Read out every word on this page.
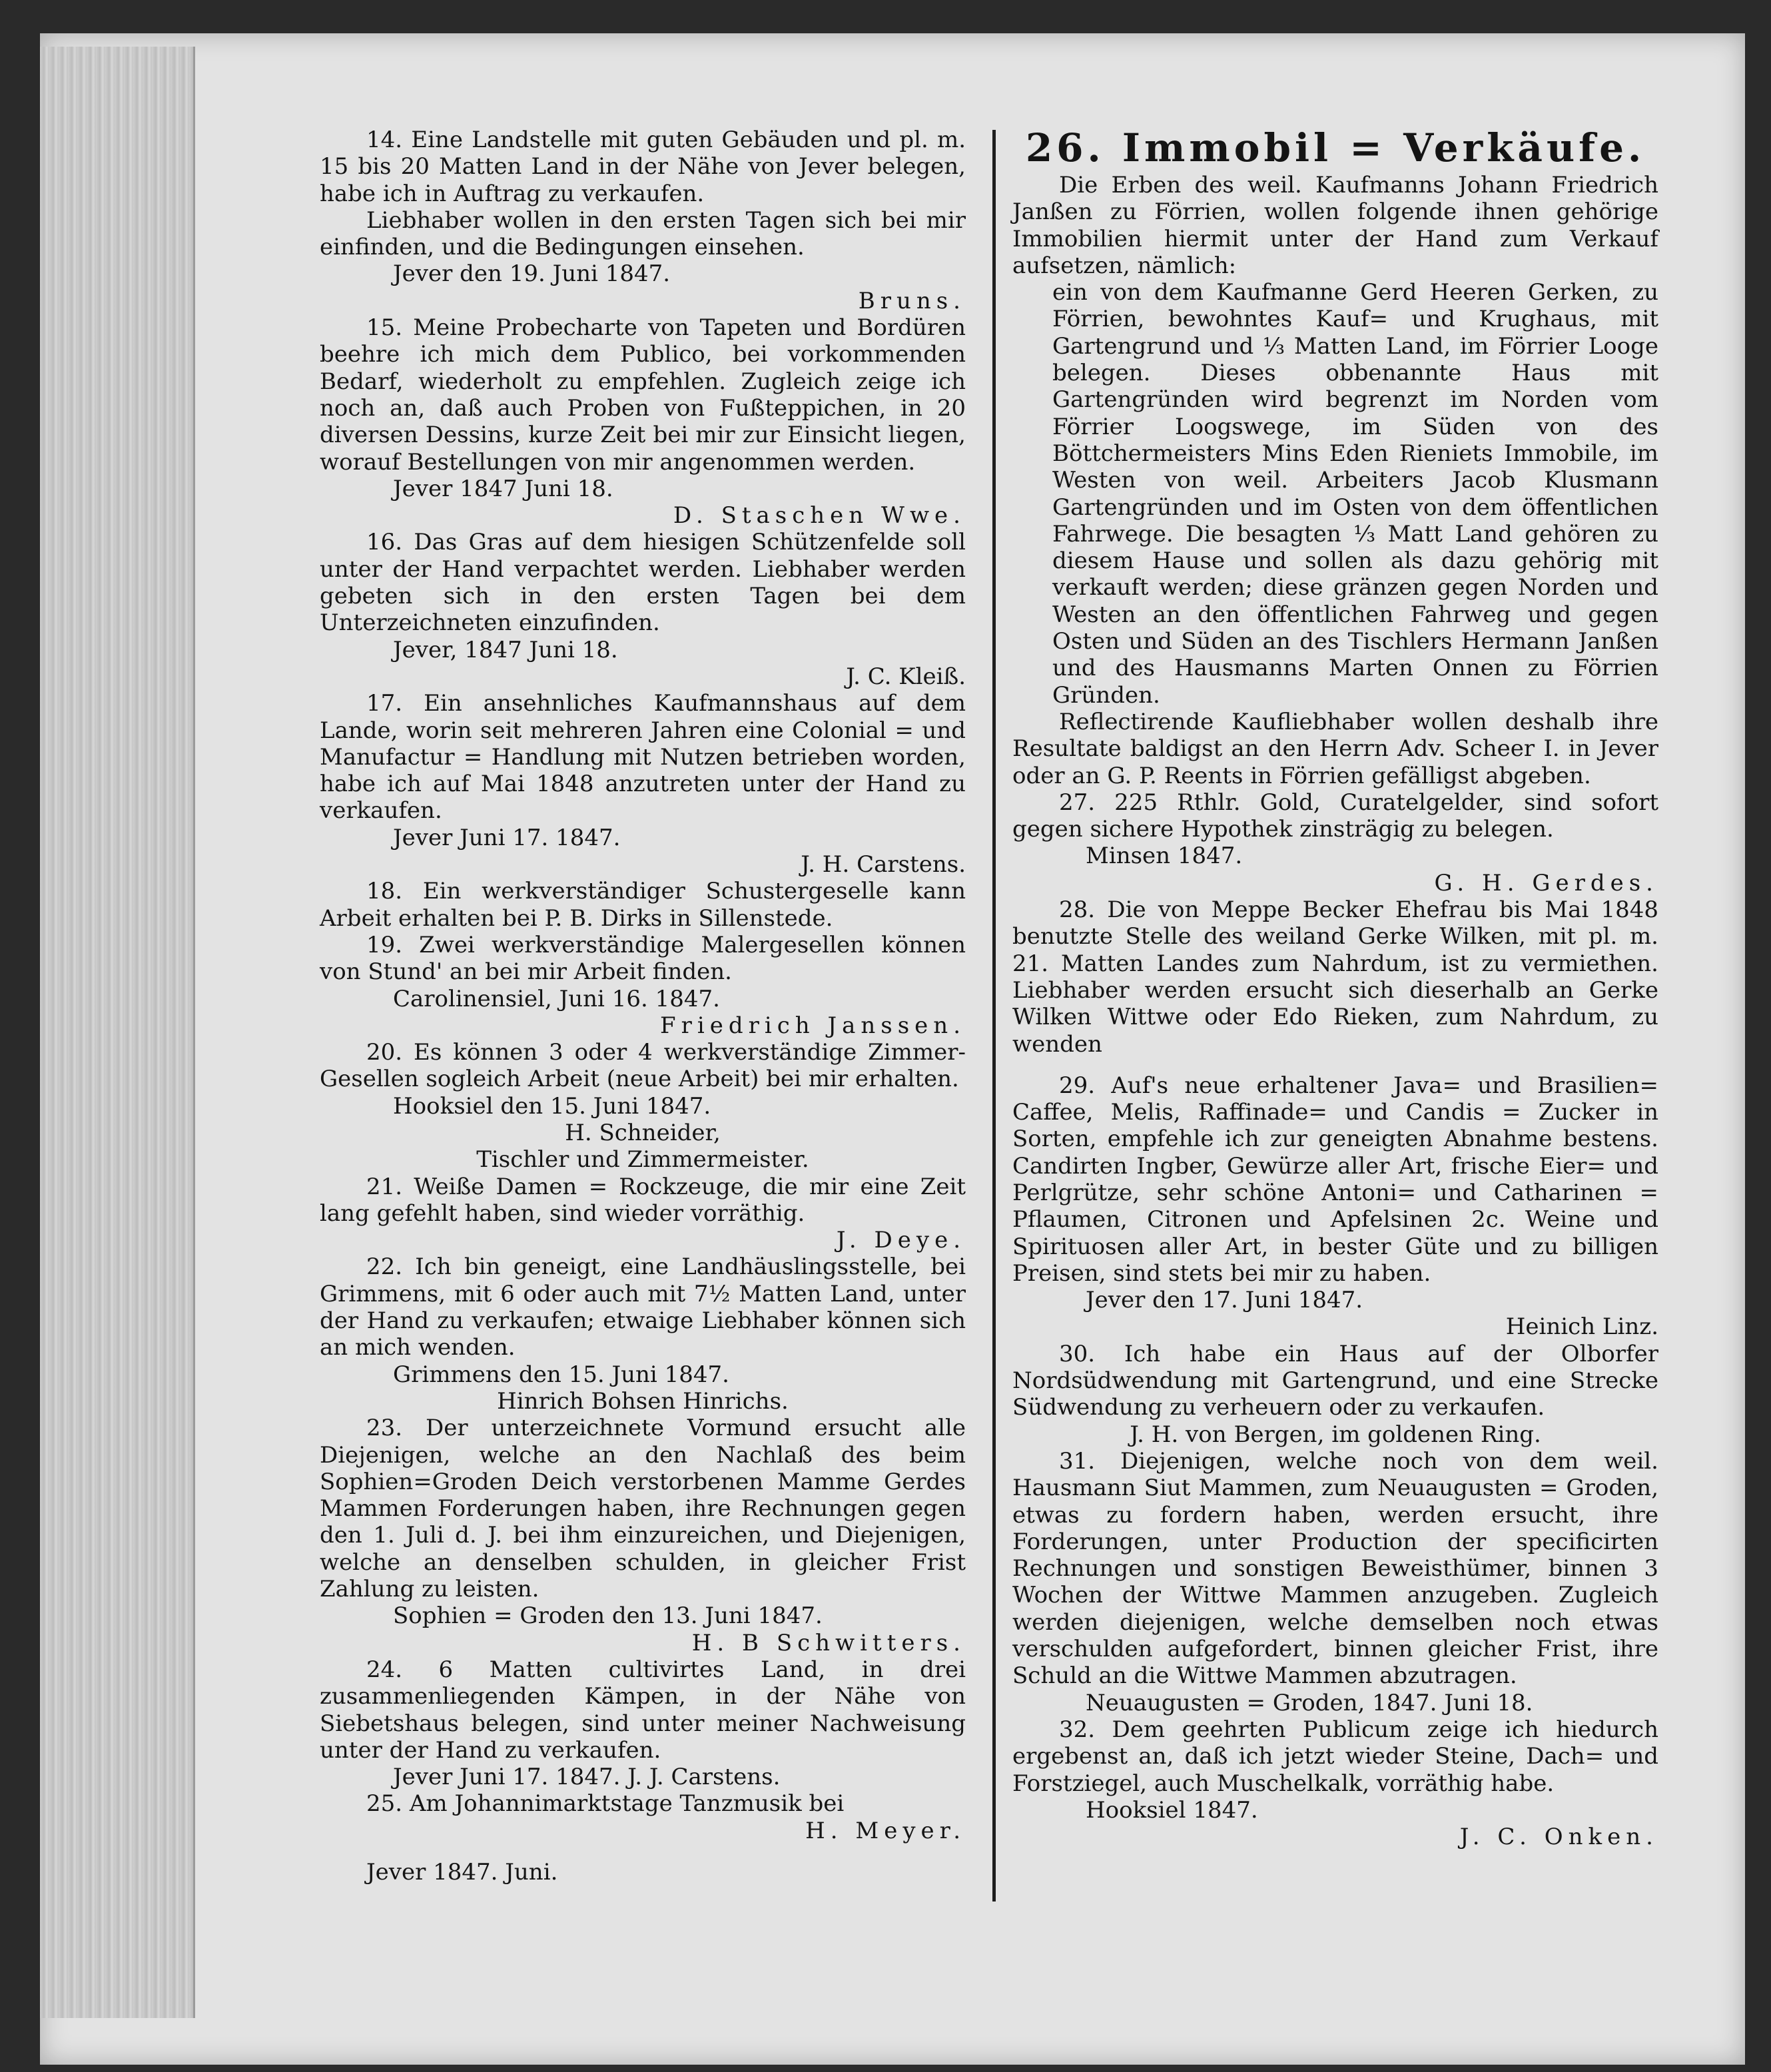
14. Eine Landstelle mit guten Gebäuden und pl. m. 15 bis 20 Matten Land in der Nähe von Jever belegen, habe ich in Auftrag zu verkaufen.

Liebhaber wollen in den ersten Tagen sich bei mir einfinden, und die Bedingungen einsehen.

Jever den 19. Juni 1847.

Bruns.

15. Meine Probecharte von Tapeten und Bordüren beehre ich mich dem Publico, bei vorkommenden Bedarf, wiederholt zu empfehlen. Zugleich zeige ich noch an, daß auch Proben von Fußteppichen, in 20 diversen Dessins, kurze Zeit bei mir zur Einsicht liegen, worauf Bestellungen von mir angenommen werden.

Jever 1847 Juni 18.

D. Staschen Wwe.

16. Das Gras auf dem hiesigen Schützenfelde soll unter der Hand verpachtet werden. Liebhaber werden gebeten sich in den ersten Tagen bei dem Unterzeichneten einzufinden.

Jever, 1847 Juni 18.

J. C. Kleiß.

17. Ein ansehnliches Kaufmannshaus auf dem Lande, worin seit mehreren Jahren eine Colonial = und Manufactur = Handlung mit Nutzen betrieben worden, habe ich auf Mai 1848 anzutreten unter der Hand zu verkaufen.

Jever Juni 17. 1847.

J. H. Carstens.

18. Ein werkverständiger Schustergeselle kann Arbeit erhalten bei P. B. Dirks in Sillenstede.

19. Zwei werkverständige Malergesellen können von Stund' an bei mir Arbeit finden.

Carolinensiel, Juni 16. 1847.

Friedrich Janssen.

20. Es können 3 oder 4 werkverständige Zimmer-Gesellen sogleich Arbeit (neue Arbeit) bei mir erhalten.

Hooksiel den 15. Juni 1847.

H. Schneider,

Tischler und Zimmermeister.

21. Weiße Damen = Rockzeuge, die mir eine Zeit lang gefehlt haben, sind wieder vorräthig.

J. Deye.

22. Ich bin geneigt, eine Landhäuslingsstelle, bei Grimmens, mit 6 oder auch mit 7½ Matten Land, unter der Hand zu verkaufen; etwaige Liebhaber können sich an mich wenden.

Grimmens den 15. Juni 1847.

Hinrich Bohsen Hinrichs.

23. Der unterzeichnete Vormund ersucht alle Diejenigen, welche an den Nachlaß des beim Sophien=Groden Deich verstorbenen Mamme Gerdes Mammen Forderungen haben, ihre Rechnungen gegen den 1. Juli d. J. bei ihm einzureichen, und Diejenigen, welche an denselben schulden, in gleicher Frist Zahlung zu leisten.

Sophien = Groden den 13. Juni 1847.

H. B Schwitters.

24. 6 Matten cultivirtes Land, in drei zusammenliegenden Kämpen, in der Nähe von Siebetshaus belegen, sind unter meiner Nachweisung unter der Hand zu verkaufen.

Jever Juni 17. 1847. J. J. Carstens.

25. Am Johannimarktstage Tanzmusik bei

H. Meyer.

Jever 1847. Juni.

26. Immobil = Verkäufe.

Die Erben des weil. Kaufmanns Johann Friedrich Janßen zu Förrien, wollen folgende ihnen gehörige Immobilien hiermit unter der Hand zum Verkauf aufsetzen, nämlich:

ein von dem Kaufmanne Gerd Heeren Gerken, zu Förrien, bewohntes Kauf= und Krughaus, mit Gartengrund und ⅓ Matten Land, im Förrier Looge belegen. Dieses obbenannte Haus mit Gartengründen wird begrenzt im Norden vom Förrier Loogswege, im Süden von des Böttchermeisters Mins Eden Rieniets Immobile, im Westen von weil. Arbeiters Jacob Klusmann Gartengründen und im Osten von dem öffentlichen Fahrwege. Die besagten ⅓ Matt Land gehören zu diesem Hause und sollen als dazu gehörig mit verkauft werden; diese gränzen gegen Norden und Westen an den öffentlichen Fahrweg und gegen Osten und Süden an des Tischlers Hermann Janßen und des Hausmanns Marten Onnen zu Förrien Gründen.

Reflectirende Kaufliebhaber wollen deshalb ihre Resultate baldigst an den Herrn Adv. Scheer I. in Jever oder an G. P. Reents in Förrien gefälligst abgeben.

27. 225 Rthlr. Gold, Curatelgelder, sind sofort gegen sichere Hypothek zinsträgig zu belegen.

Minsen 1847.

G. H. Gerdes.

28. Die von Meppe Becker Ehefrau bis Mai 1848 benutzte Stelle des weiland Gerke Wilken, mit pl. m. 21. Matten Landes zum Nahrdum, ist zu vermiethen. Liebhaber werden ersucht sich dieserhalb an Gerke Wilken Wittwe oder Edo Rieken, zum Nahrdum, zu wenden

29. Auf's neue erhaltener Java= und Brasilien= Caffee, Melis, Raffinade= und Candis = Zucker in Sorten, empfehle ich zur geneigten Abnahme bestens. Candirten Ingber, Gewürze aller Art, frische Eier= und Perlgrütze, sehr schöne Antoni= und Catharinen = Pflaumen, Citronen und Apfelsinen 2c. Weine und Spirituosen aller Art, in bester Güte und zu billigen Preisen, sind stets bei mir zu haben.

Jever den 17. Juni 1847.

Heinich Linz.

30. Ich habe ein Haus auf der Olborfer Nordsüdwendung mit Gartengrund, und eine Strecke Südwendung zu verheuern oder zu verkaufen.

J. H. von Bergen, im goldenen Ring.

31. Diejenigen, welche noch von dem weil. Hausmann Siut Mammen, zum Neuaugusten = Groden, etwas zu fordern haben, werden ersucht, ihre Forderungen, unter Production der specificirten Rechnungen und sonstigen Beweisthümer, binnen 3 Wochen der Wittwe Mammen anzugeben. Zugleich werden diejenigen, welche demselben noch etwas verschulden aufgefordert, binnen gleicher Frist, ihre Schuld an die Wittwe Mammen abzutragen.

Neuaugusten = Groden, 1847. Juni 18.

32. Dem geehrten Publicum zeige ich hiedurch ergebenst an, daß ich jetzt wieder Steine, Dach= und Forstziegel, auch Muschelkalk, vorräthig habe.

Hooksiel 1847.

J. C. Onken.
